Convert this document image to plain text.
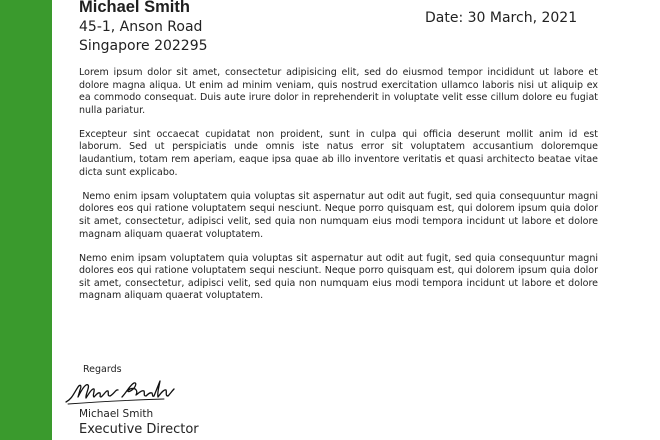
Michael Smith
45-1, Anson Road
Singapore 202295
Date: 30 March, 2021

Lorem ipsum dolor sit amet, consectetur adipisicing elit, sed do eiusmod tempor incididunt ut labore et dolore magna aliqua. Ut enim ad minim veniam, quis nostrud exercitation ullamco laboris nisi ut aliquip ex ea commodo consequat. Duis aute irure dolor in reprehenderit in voluptate velit esse cillum dolore eu fugiat nulla pariatur.

Excepteur sint occaecat cupidatat non proident, sunt in culpa qui officia deserunt mollit anim id est laborum. Sed ut perspiciatis unde omnis iste natus error sit voluptatem accusantium doloremque laudantium, totam rem aperiam, eaque ipsa quae ab illo inventore veritatis et quasi architecto beatae vitae dicta sunt explicabo.

Nemo enim ipsam voluptatem quia voluptas sit aspernatur aut odit aut fugit, sed quia consequuntur magni dolores eos qui ratione voluptatem sequi nesciunt. Neque porro quisquam est, qui dolorem ipsum quia dolor sit amet, consectetur, adipisci velit, sed quia non numquam eius modi tempora incidunt ut labore et dolore magnam aliquam quaerat voluptatem.

Nemo enim ipsam voluptatem quia voluptas sit aspernatur aut odit aut fugit, sed quia consequuntur magni dolores eos qui ratione voluptatem sequi nesciunt. Neque porro quisquam est, qui dolorem ipsum quia dolor sit amet, consectetur, adipisci velit, sed quia non numquam eius modi tempora incidunt ut labore et dolore magnam aliquam quaerat voluptatem.

Regards
Michael Smith
Executive Director
